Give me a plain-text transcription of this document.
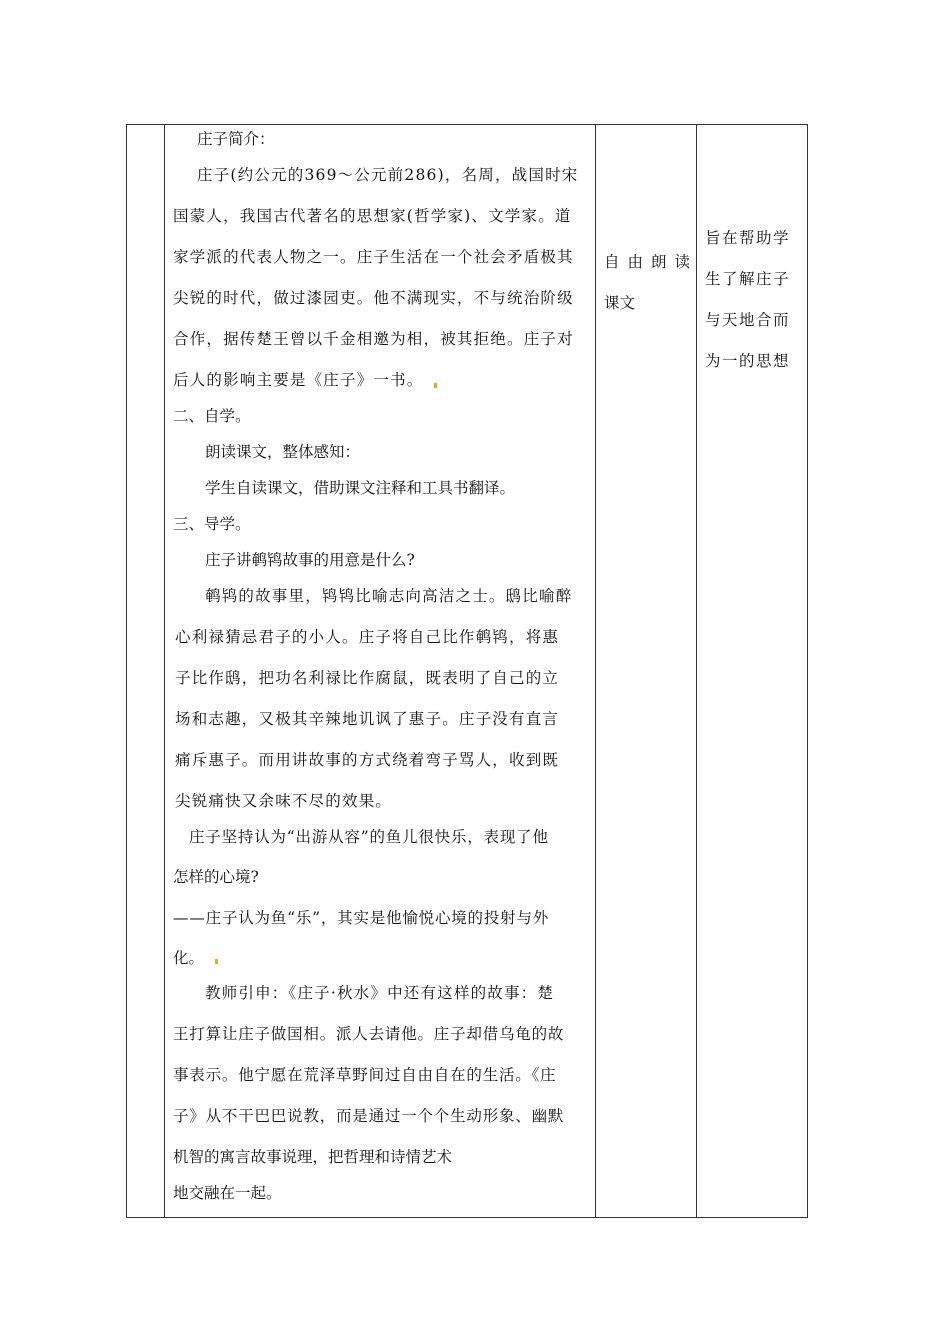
庄子简介：
庄子(约公元的369～公元前286)，名周，战国时宋
国蒙人，我国古代著名的思想家(哲学家)、文学家。道
家学派的代表人物之一。庄子生活在一个社会矛盾极其
尖锐的时代，做过漆园吏。他不满现实，不与统治阶级
合作，据传楚王曾以千金相邀为相，被其拒绝。庄子对
后人的影响主要是《庄子》一书。
二、自学。
朗读课文，整体感知：
学生自读课文，借助课文注释和工具书翻译。
三、导学。
庄子讲鹌鸨故事的用意是什么?
鹌鸨的故事里，鸨鸨比喻志向高洁之士。鸱比喻醉
心利禄猜忌君子的小人。庄子将自己比作鹌鸨，将惠
子比作鸱，把功名利禄比作腐鼠，既表明了自己的立
场和志趣，又极其辛辣地讥讽了惠子。庄子没有直言
痛斥惠子。而用讲故事的方式绕着弯子骂人，收到既
尖锐痛快又余味不尽的效果。
庄子坚持认为“出游从容”的鱼儿很快乐，表现了他
怎样的心境?
——庄子认为鱼“乐”，其实是他愉悦心境的投射与外
化。
教师引申：《庄子·秋水》中还有这样的故事：楚
王打算让庄子做国相。派人去请他。庄子却借乌龟的故
事表示。他宁愿在荒泽草野间过自由自在的生活。《庄
子》从不干巴巴说教，而是通过一个个生动形象、幽默
机智的寓言故事说理，把哲理和诗情艺术
地交融在一起。

自由朗读
课文

旨在帮助学
生了解庄子
与天地合而
为一的思想
